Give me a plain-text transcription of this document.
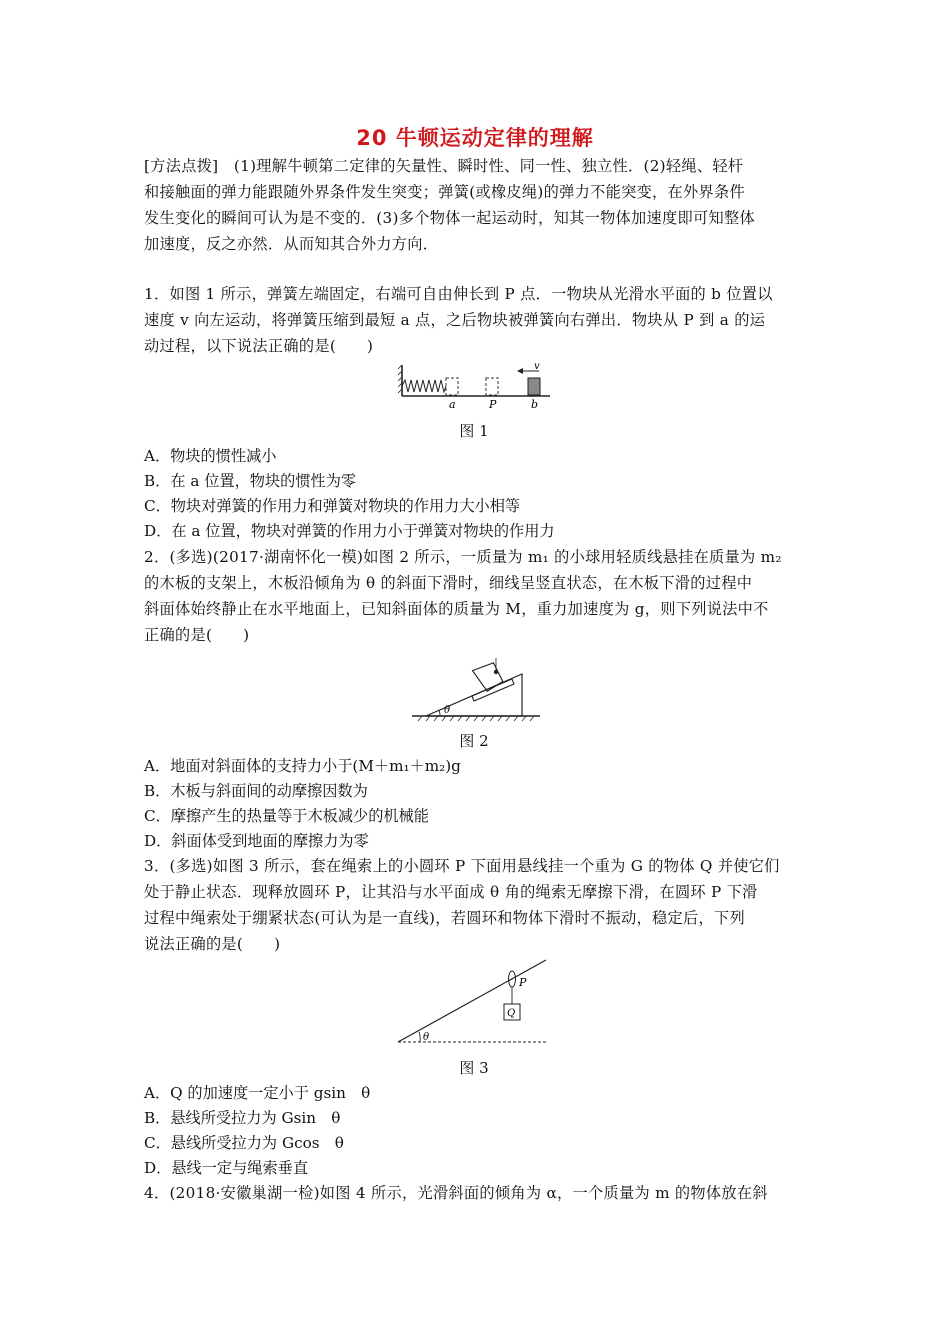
20 牛顿运动定律的理解
[方法点拨]　(1)理解牛顿第二定律的矢量性、瞬时性、同一性、独立性．(2)轻绳、轻杆
和接触面的弹力能跟随外界条件发生突变；弹簧(或橡皮绳)的弹力不能突变，在外界条件
发生变化的瞬间可认为是不变的．(3)多个物体一起运动时，知其一物体加速度即可知整体
加速度，反之亦然．从而知其合外力方向．
1．如图 1 所示，弹簧左端固定，右端可自由伸长到 P 点．一物块从光滑水平面的 b 位置以
速度 v 向左运动，将弹簧压缩到最短 a 点，之后物块被弹簧向右弹出．物块从 P 到 a 的运
动过程，以下说法正确的是(　　)
v
a	P	b
图 1
A．物块的惯性减小
B．在 a 位置，物块的惯性为零
C．物块对弹簧的作用力和弹簧对物块的作用力大小相等
D．在 a 位置，物块对弹簧的作用力小于弹簧对物块的作用力
2．(多选)(2017·湖南怀化一模)如图 2 所示，一质量为 m₁ 的小球用轻质线悬挂在质量为 m₂
的木板的支架上，木板沿倾角为 θ 的斜面下滑时，细线呈竖直状态，在木板下滑的过程中
斜面体始终静止在水平地面上，已知斜面体的质量为 M，重力加速度为 g，则下列说法中不
正确的是(　　)
θ
图 2
A．地面对斜面体的支持力小于(M＋m₁＋m₂)g
B．木板与斜面间的动摩擦因数为
C．摩擦产生的热量等于木板减少的机械能
D．斜面体受到地面的摩擦力为零
3．(多选)如图 3 所示，套在绳索上的小圆环 P 下面用悬线挂一个重为 G 的物体 Q 并使它们
处于静止状态．现释放圆环 P，让其沿与水平面成 θ 角的绳索无摩擦下滑，在圆环 P 下滑
过程中绳索处于绷紧状态(可认为是一直线)，若圆环和物体下滑时不振动，稳定后，下列
说法正确的是(　　)
θ
P
Q
图 3
A．Q 的加速度一定小于 gsin　θ
B．悬线所受拉力为 Gsin　θ
C．悬线所受拉力为 Gcos　θ
D．悬线一定与绳索垂直
4．(2018·安徽巢湖一检)如图 4 所示，光滑斜面的倾角为 α，一个质量为 m 的物体放在斜
